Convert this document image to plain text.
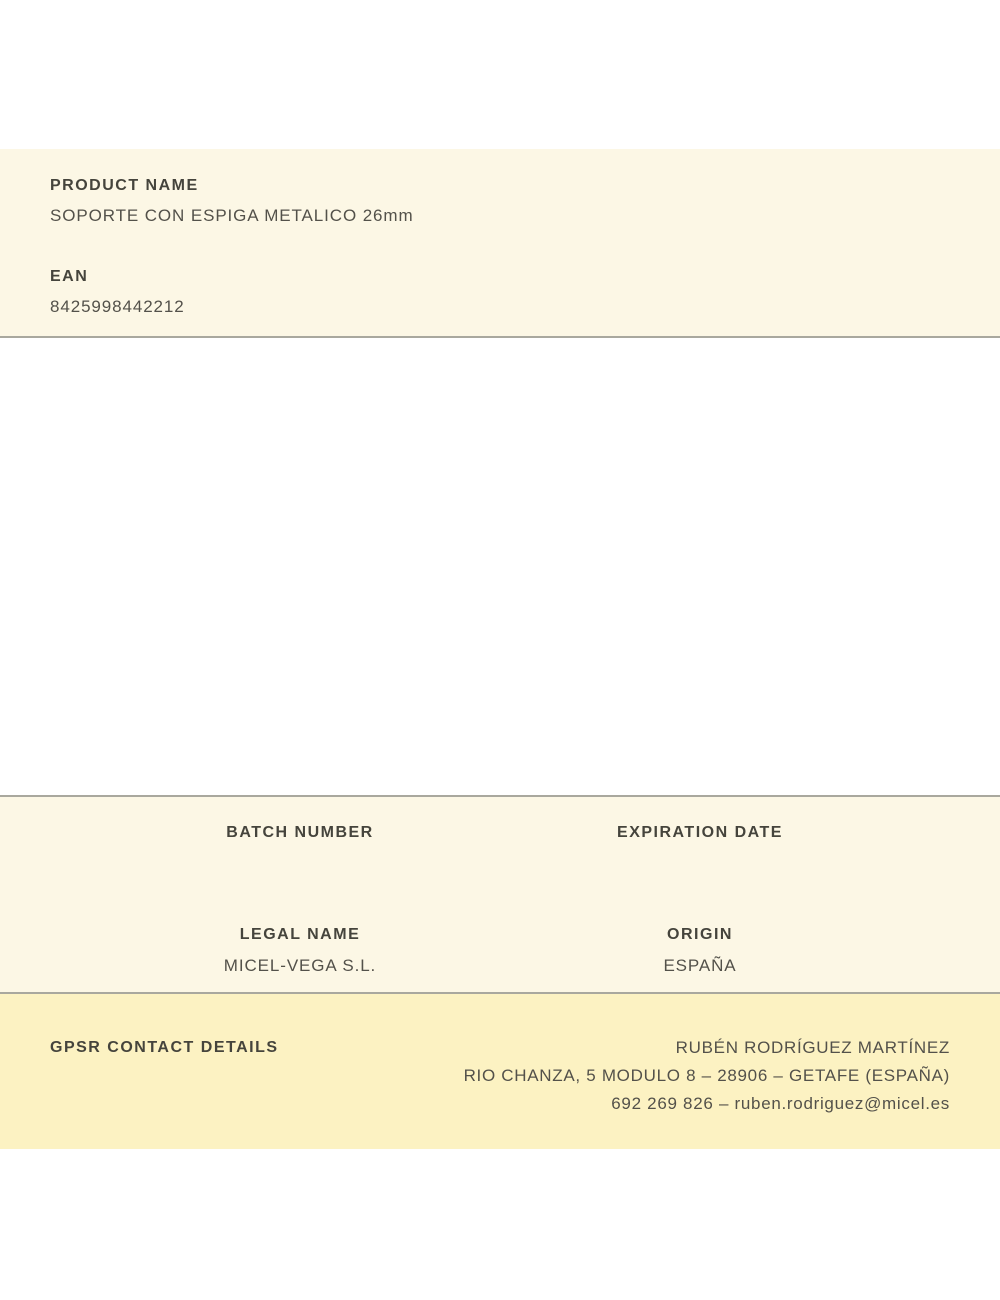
PRODUCT NAME
SOPORTE CON ESPIGA METALICO 26mm
EAN
8425998442212
BATCH NUMBER	EXPIRATION DATE
LEGAL NAME
MICEL-VEGA S.L.
ORIGIN
ESPAÑA
GPSR CONTACT DETAILS	RUBÉN RODRÍGUEZ MARTÍNEZ
RIO CHANZA, 5 MODULO 8 – 28906 – GETAFE (ESPAÑA)
692 269 826 – ruben.rodriguez@micel.es
